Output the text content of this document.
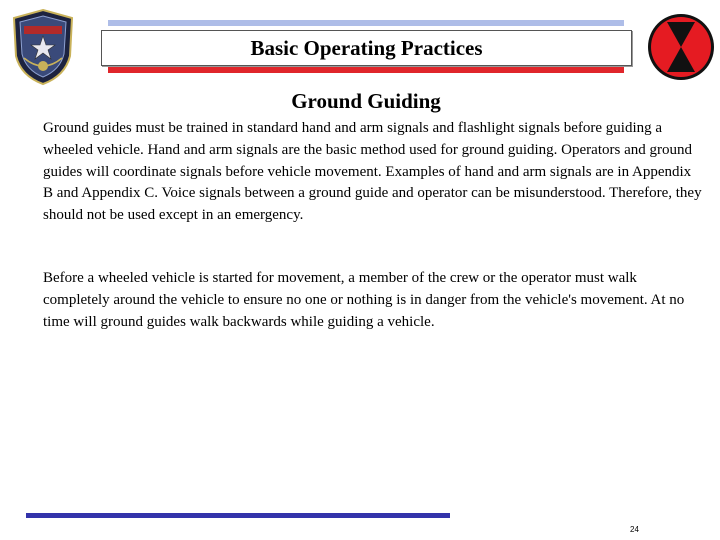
Basic Operating Practices
Ground Guiding

Ground guides must be trained in standard hand and arm signals and flashlight signals before guiding a wheeled vehicle. Hand and arm signals are the basic method used for ground guiding. Operators and ground guides will coordinate signals before vehicle movement. Examples of hand and arm signals are in Appendix B and Appendix C. Voice signals between a ground guide and operator can be misunderstood. Therefore, they should not be used except in an emergency.

Before a wheeled vehicle is started for movement, a member of the crew or the operator must walk completely around the vehicle to ensure no one or nothing is in danger from the vehicle's movement. At no time will ground guides walk backwards while guiding a vehicle.

24
